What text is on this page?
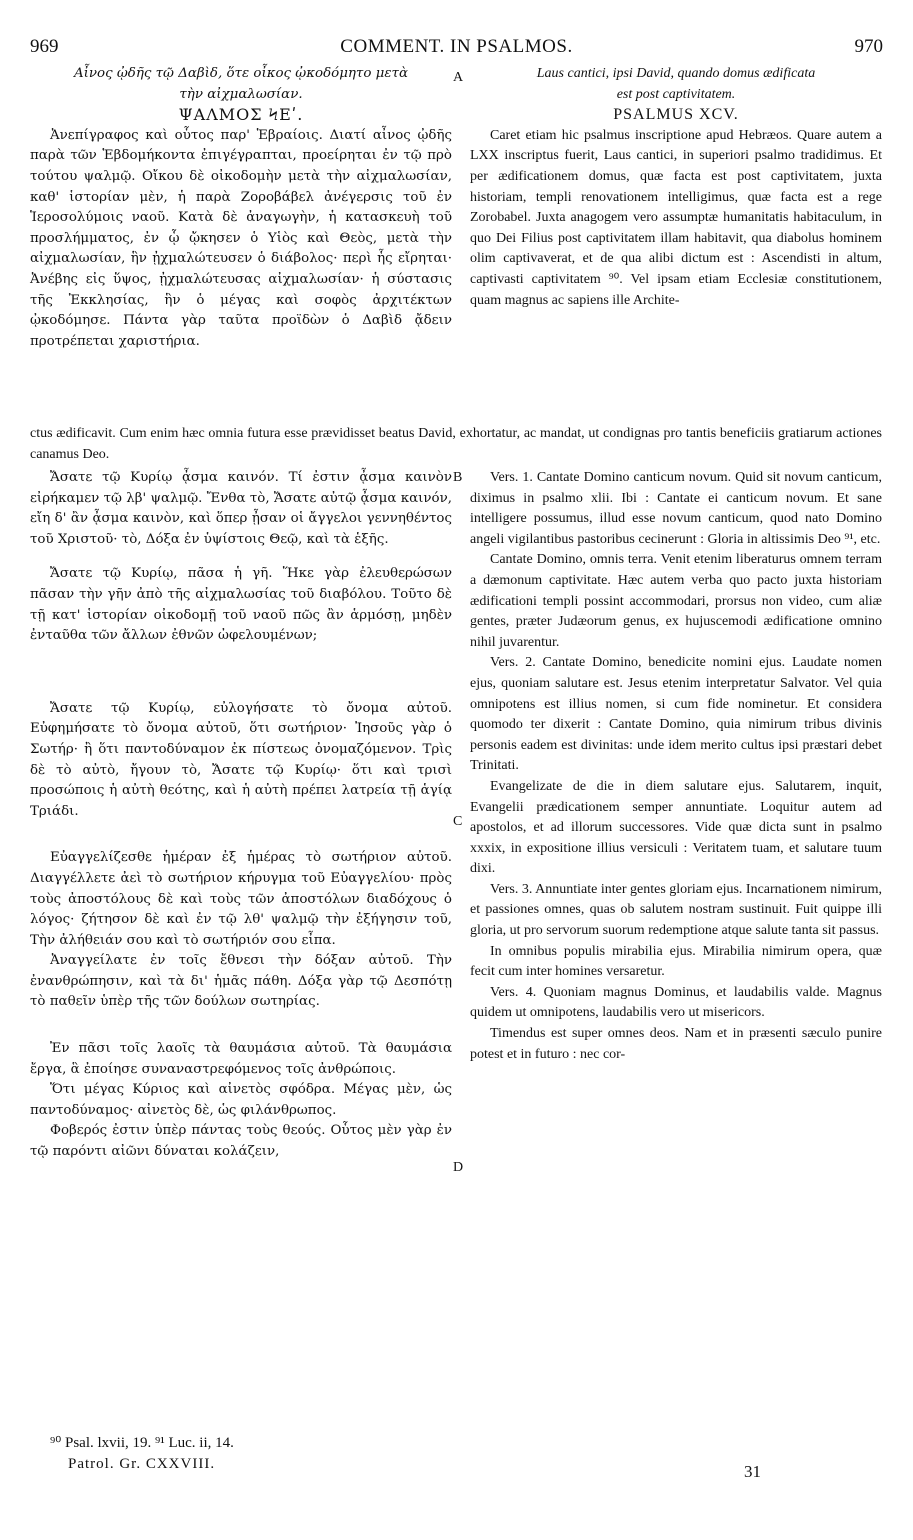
969	COMMENT. IN PSALMOS.	970
A
B
C
D

Αἶνος ᾠδῆς τῷ Δαβὶδ, ὅτε οἶκος ᾠκοδόμητο μετὰ

τὴν αἰχμαλωσίαν.

ΨΑΛΜΟΣ ϞΕʹ.

Ἀνεπίγραφος καὶ οὗτος παρ' Ἑβραίοις. Διατί αἶνος ᾠδῆς παρὰ τῶν Ἑβδομήκοντα ἐπιγέγραπται, προείρηται ἐν τῷ πρὸ τούτου ψαλμῷ. Οἴκου δὲ οἰκοδομὴν μετὰ τὴν αἰχμαλωσίαν, καθ' ἱστορίαν μὲν, ἡ παρὰ Ζοροβάβελ ἀνέγερσις τοῦ ἐν Ἱεροσολύμοις ναοῦ. Κατὰ δὲ ἀναγωγὴν, ἡ κατασκευὴ τοῦ προσλήμματος, ἐν ᾧ ᾤκησεν ὁ Υἱὸς καὶ Θεὸς, μετὰ τὴν αἰχμαλωσίαν, ἣν ᾐχμαλώτευσεν ὁ διάβολος· περὶ ἧς εἴρηται· Ἀνέβης εἰς ὕψος, ᾐχμαλώτευσας αἰχμαλωσίαν· ἡ σύστασις τῆς Ἐκκλησίας, ἣν ὁ μέγας καὶ σοφὸς ἀρχιτέκτων ᾠκοδόμησε. Πάντα γὰρ ταῦτα προϊδὼν ὁ Δαβὶδ ᾄδειν προτρέπεται χαριστήρια.

Laus cantici, ipsi David, quando domus ædificata

est post captivitatem.

PSALMUS XCV.

Caret etiam hic psalmus inscriptione apud Hebræos. Quare autem a LXX inscriptus fuerit, Laus cantici, in superiori psalmo tradidimus. Et per ædificationem domus, quæ facta est post captivitatem, juxta historiam, templi renovationem intelligimus, quæ facta est a rege Zorobabel. Juxta anagogem vero assumptæ humanitatis habitaculum, in quo Dei Filius post captivitatem illam habitavit, qua diabolus hominem olim captivaverat, et de qua alibi dictum est : Ascendisti in altum, captivasti captivitatem ⁹⁰. Vel ipsam etiam Ecclesiæ constitutionem, quam magnus ac sapiens ille Archite-

ctus ædificavit. Cum enim hæc omnia futura esse prævidisset beatus David, exhortatur, ac mandat, ut condignas pro tantis beneficiis gratiarum actiones canamus Deo.

Ἄσατε τῷ Κυρίῳ ᾆσμα καινόν. Τί ἐστιν ᾆσμα καινὸν εἰρήκαμεν τῷ λβ' ψαλμῷ. Ἔνθα τὸ, Ἄσατε αὐτῷ ᾆσμα καινόν, εἴη δ' ἂν ᾆσμα καινὸν, καὶ ὅπερ ᾖσαν οἱ ἄγγελοι γεννηθέντος τοῦ Χριστοῦ· τὸ, Δόξα ἐν ὑψίστοις Θεῷ, καὶ τὰ ἑξῆς.

Ἄσατε τῷ Κυρίῳ, πᾶσα ἡ γῆ. Ἥκε γὰρ ἐλευθερώσων πᾶσαν τὴν γῆν ἀπὸ τῆς αἰχμαλωσίας τοῦ διαβόλου. Τοῦτο δὲ τῇ κατ' ἱστορίαν οἰκοδομῇ τοῦ ναοῦ πῶς ἂν ἁρμόσῃ, μηδὲν ἐνταῦθα τῶν ἄλλων ἐθνῶν ὠφελουμένων;

Ἄσατε τῷ Κυρίῳ, εὐλογήσατε τὸ ὄνομα αὐτοῦ. Εὐφημήσατε τὸ ὄνομα αὐτοῦ, ὅτι σωτήριον· Ἰησοῦς γὰρ ὁ Σωτήρ· ἢ ὅτι παντοδύναμον ἐκ πίστεως ὀνομαζόμενον. Τρὶς δὲ τὸ αὐτὸ, ἤγουν τὸ, Ἄσατε τῷ Κυρίῳ· ὅτι καὶ τρισὶ προσώποις ἡ αὐτὴ θεότης, καὶ ἡ αὐτὴ πρέπει λατρεία τῇ ἁγίᾳ Τριάδι.

Εὐαγγελίζεσθε ἡμέραν ἐξ ἡμέρας τὸ σωτήριον αὐτοῦ. Διαγγέλλετε ἀεὶ τὸ σωτήριον κήρυγμα τοῦ Εὐαγγελίου· πρὸς τοὺς ἀποστόλους δὲ καὶ τοὺς τῶν ἀποστόλων διαδόχους ὁ λόγος· ζήτησον δὲ καὶ ἐν τῷ λθ' ψαλμῷ τὴν ἐξήγησιν τοῦ, Τὴν ἀλήθειάν σου καὶ τὸ σωτήριόν σου εἶπα.

Ἀναγγείλατε ἐν τοῖς ἔθνεσι τὴν δόξαν αὐτοῦ. Τὴν ἐνανθρώπησιν, καὶ τὰ δι' ἡμᾶς πάθη. Δόξα γὰρ τῷ Δεσπότῃ τὸ παθεῖν ὑπὲρ τῆς τῶν δούλων σωτηρίας.

Ἐν πᾶσι τοῖς λαοῖς τὰ θαυμάσια αὐτοῦ. Τὰ θαυμάσια ἔργα, ἃ ἐποίησε συναναστρεφόμενος τοῖς ἀνθρώποις.

Ὅτι μέγας Κύριος καὶ αἰνετὸς σφόδρα. Μέγας μὲν, ὡς παντοδύναμος· αἰνετὸς δὲ, ὡς φιλάνθρωπος.

Φοβερός ἐστιν ὑπὲρ πάντας τοὺς θεούς. Οὗτος μὲν γὰρ ἐν τῷ παρόντι αἰῶνι δύναται κολάζειν,

Vers. 1. Cantate Domino canticum novum. Quid sit novum canticum, diximus in psalmo xlii. Ibi : Cantate ei canticum novum. Et sane intelligere possumus, illud esse novum canticum, quod nato Domino angeli vigilantibus pastoribus cecinerunt : Gloria in altissimis Deo ⁹¹, etc.

Cantate Domino, omnis terra. Venit etenim liberaturus omnem terram a dæmonum captivitate. Hæc autem verba quo pacto juxta historiam ædificationi templi possint accommodari, prorsus non video, cum aliæ gentes, præter Judæorum genus, ex hujuscemodi ædificatione omnino nihil juvarentur.

Vers. 2. Cantate Domino, benedicite nomini ejus. Laudate nomen ejus, quoniam salutare est. Jesus etenim interpretatur Salvator. Vel quia omnipotens est illius nomen, si cum fide nominetur. Et considera quomodo ter dixerit : Cantate Domino, quia nimirum tribus divinis personis eadem est divinitas: unde idem merito cultus ipsi præstari debet Trinitati.

Evangelizate de die in diem salutare ejus. Salutarem, inquit, Evangelii prædicationem semper annuntiate. Loquitur autem ad apostolos, et ad illorum successores. Vide quæ dicta sunt in psalmo xxxix, in expositione illius versiculi : Veritatem tuam, et salutare tuum dixi.

Vers. 3. Annuntiate inter gentes gloriam ejus. Incarnationem nimirum, et passiones omnes, quas ob salutem nostram sustinuit. Fuit quippe illi gloria, ut pro servorum suorum redemptione atque salute tanta sit passus.

In omnibus populis mirabilia ejus. Mirabilia nimirum opera, quæ fecit cum inter homines versaretur.

Vers. 4. Quoniam magnus Dominus, et laudabilis valde. Magnus quidem ut omnipotens, laudabilis vero ut misericors.

Timendus est super omnes deos. Nam et in præsenti sæculo punire potest et in futuro : nec cor-

⁹⁰ Psal. lxvii, 19. ⁹¹ Luc. ii, 14.
Patrol. Gr. CXXVIII.	31
